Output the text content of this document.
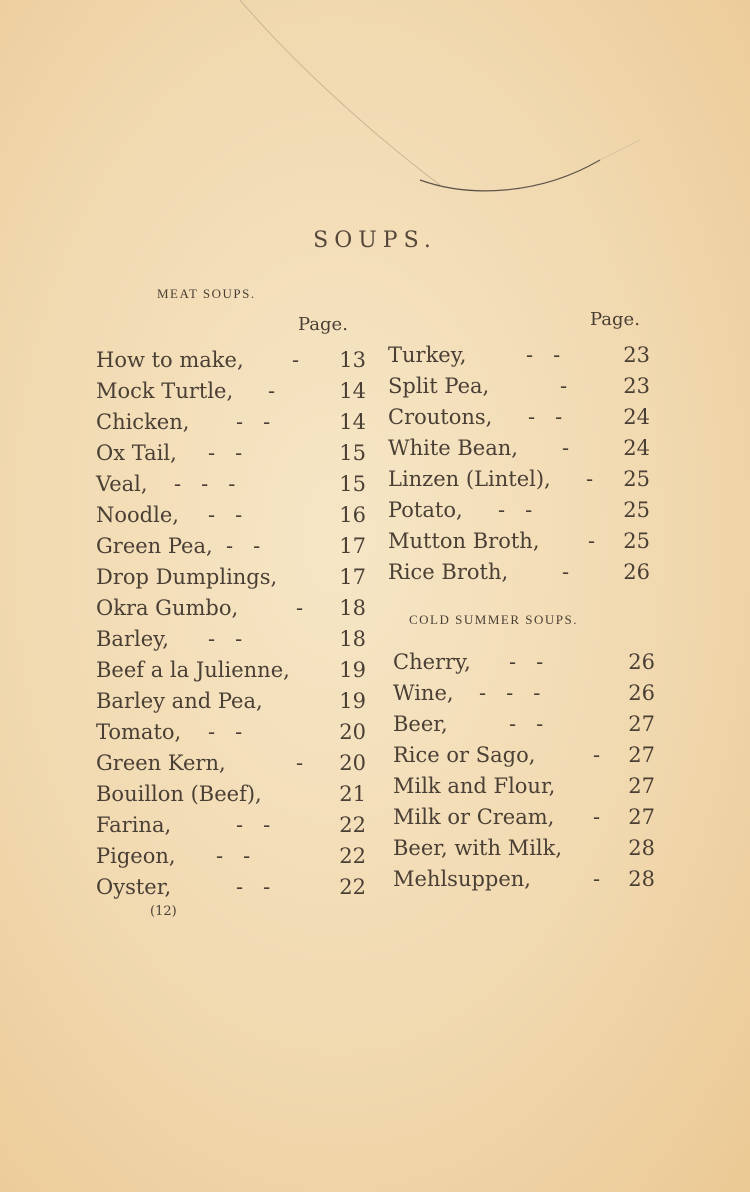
SOUPS.
MEAT SOUPS.
Page.	Page.
How to make, - 13
Mock Turtle, -	14
Chicken, -   -	14
Ox Tail, -   -	15
Veal, -   -   -	15
Noodle, -   -	16
Green Pea, -   -	17
Drop Dumplings,	17
Okra Gumbo,	- 18
Barley, -   -	18
Beef a la Julienne, 19
Barley and Pea,	19
Tomato, -   -	20
Green Kern,	- 20
Bouillon (Beef),	21
Farina,	-   -	22
Pigeon, -   -	22
Oyster,	-   -	22
Turkey,	-   -	23
Split Pea,	-	23
Croutons, -   -	24
White Bean, -	24
Linzen (Lintel), - 25
Potato, -   -	25
Mutton Broth, - 25
Rice Broth,	-	26
COLD SUMMER SOUPS.
Cherry, -   -	26
Wine, -   -   -	26
Beer,	-   -	27
Rice or Sago,	- 27
Milk and Flour,	27
Milk or Cream, - 27
Beer, with Milk,	28
Mehlsuppen,	- 28
(12)
